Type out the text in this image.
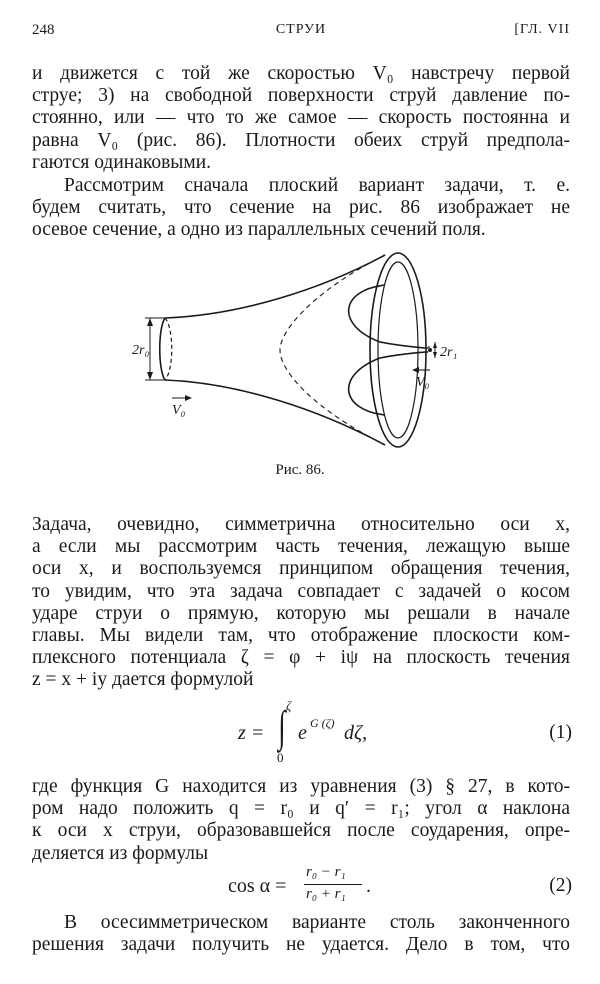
248	СТРУИ	[ГЛ. VII

и движется с той же скоростью V₀ навстречу первой
струе; 3) на свободной поверхности струй давление по-
стоянно, или — что то же самое — скорость постоянна и
равна V₀ (рис. 86). Плотности обеих струй предпола-
гаются одинаковыми.

Рассмотрим сначала плоский вариант задачи, т. е.
будем считать, что сечение на рис. 86 изображает не
осевое сечение, а одно из параллельных сечений поля.

2r₀	2r₁
V₀
V₀
Рис. 86.

Задача, очевидно, симметрична относительно оси x,
а если мы рассмотрим часть течения, лежащую выше
оси x, и воспользуемся принципом обращения течения,
то увидим, что эта задача совпадает с задачей о косом
ударе струи о прямую, которую мы решали в начале
главы. Мы видели там, что отображение плоскости ком-
плексного потенциала ζ = φ + iψ на плоскость течения
z = x + iy дается формулой

z =
ζ
∫
0
e G (ζ) dζ,	(1)

где функция G находится из уравнения (3) § 27, в кото-
ром надо положить q = r₀ и q′ = r₁; угол α наклона
к оси x струи, образовавшейся после соударения, опре-
деляется из формулы

cos α =
r₀ − r₁
r₀ + r₁ .	(2)

В осесимметрическом варианте столь законченного
решения задачи получить не удается. Дело в том, что
